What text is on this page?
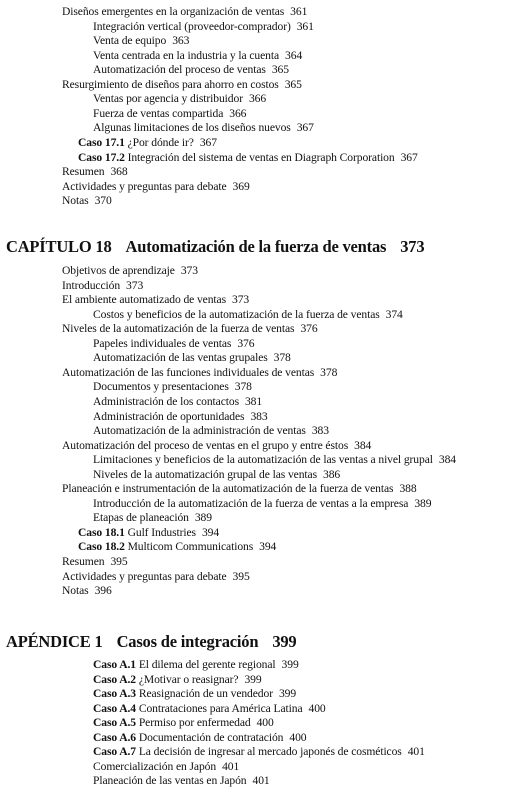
Diseños emergentes en la organización de ventas 361
Integración vertical (proveedor-comprador) 361
Venta de equipo 363
Venta centrada en la industria y la cuenta 364
Automatización del proceso de ventas 365
Resurgimiento de diseños para ahorro en costos 365
Ventas por agencia y distribuidor 366
Fuerza de ventas compartida 366
Algunas limitaciones de los diseños nuevos 367
Caso 17.1 ¿Por dónde ir? 367
Caso 17.2 Integración del sistema de ventas en Diagraph Corporation 367
Resumen 368
Actividades y preguntas para debate 369
Notas 370
CAPÍTULO 18 Automatización de la fuerza de ventas 373
Objetivos de aprendizaje 373
Introducción 373
El ambiente automatizado de ventas 373
Costos y beneficios de la automatización de la fuerza de ventas 374
Niveles de la automatización de la fuerza de ventas 376
Papeles individuales de ventas 376
Automatización de las ventas grupales 378
Automatización de las funciones individuales de ventas 378
Documentos y presentaciones 378
Administración de los contactos 381
Administración de oportunidades 383
Automatización de la administración de ventas 383
Automatización del proceso de ventas en el grupo y entre éstos 384
Limitaciones y beneficios de la automatización de las ventas a nivel grupal 384
Niveles de la automatización grupal de las ventas 386
Planeación e instrumentación de la automatización de la fuerza de ventas 388
Introducción de la automatización de la fuerza de ventas a la empresa 389
Etapas de planeación 389
Caso 18.1 Gulf Industries 394
Caso 18.2 Multicom Communications 394
Resumen 395
Actividades y preguntas para debate 395
Notas 396
APÉNDICE 1 Casos de integración 399
Caso A.1 El dilema del gerente regional 399
Caso A.2 ¿Motivar o reasignar? 399
Caso A.3 Reasignación de un vendedor 399
Caso A.4 Contrataciones para América Latina 400
Caso A.5 Permiso por enfermedad 400
Caso A.6 Documentación de contratación 400
Caso A.7 La decisión de ingresar al mercado japonés de cosméticos 401
Comercialización en Japón 401
Planeación de las ventas en Japón 401
